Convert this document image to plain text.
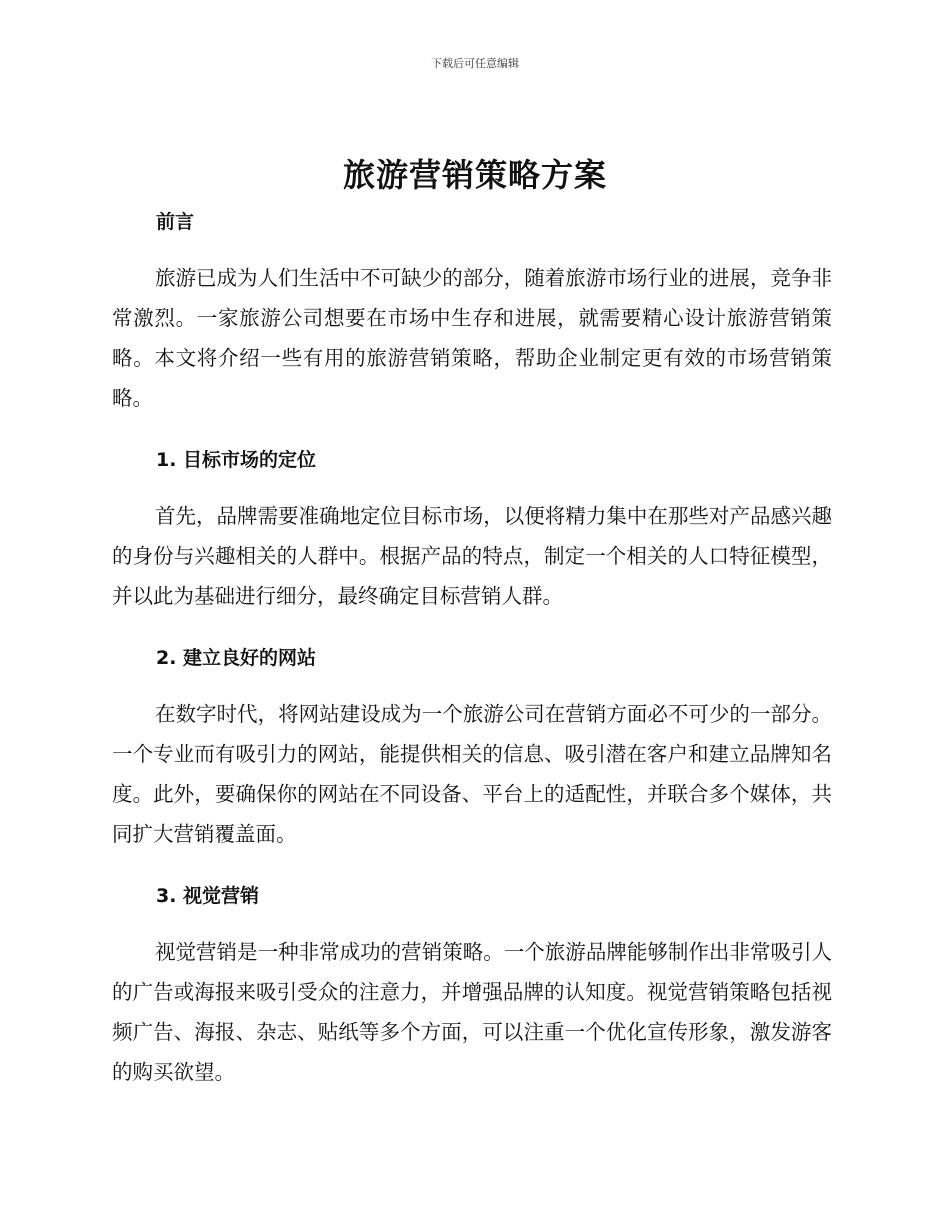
下载后可任意编辑
旅游营销策略方案
前言

旅游已成为人们生活中不可缺少的部分，随着旅游市场行业的进展，竞争非常激烈。一家旅游公司想要在市场中生存和进展，就需要精心设计旅游营销策略。本文将介绍一些有用的旅游营销策略，帮助企业制定更有效的市场营销策略。

1. 目标市场的定位

首先，品牌需要准确地定位目标市场，以便将精力集中在那些对产品感兴趣的身份与兴趣相关的人群中。根据产品的特点，制定一个相关的人口特征模型，并以此为基础进行细分，最终确定目标营销人群。

2. 建立良好的网站

在数字时代，将网站建设成为一个旅游公司在营销方面必不可少的一部分。一个专业而有吸引力的网站，能提供相关的信息、吸引潜在客户和建立品牌知名度。此外，要确保你的网站在不同设备、平台上的适配性，并联合多个媒体，共同扩大营销覆盖面。

3. 视觉营销

视觉营销是一种非常成功的营销策略。一个旅游品牌能够制作出非常吸引人的广告或海报来吸引受众的注意力，并增强品牌的认知度。视觉营销策略包括视频广告、海报、杂志、贴纸等多个方面，可以注重一个优化宣传形象，激发游客的购买欲望。
